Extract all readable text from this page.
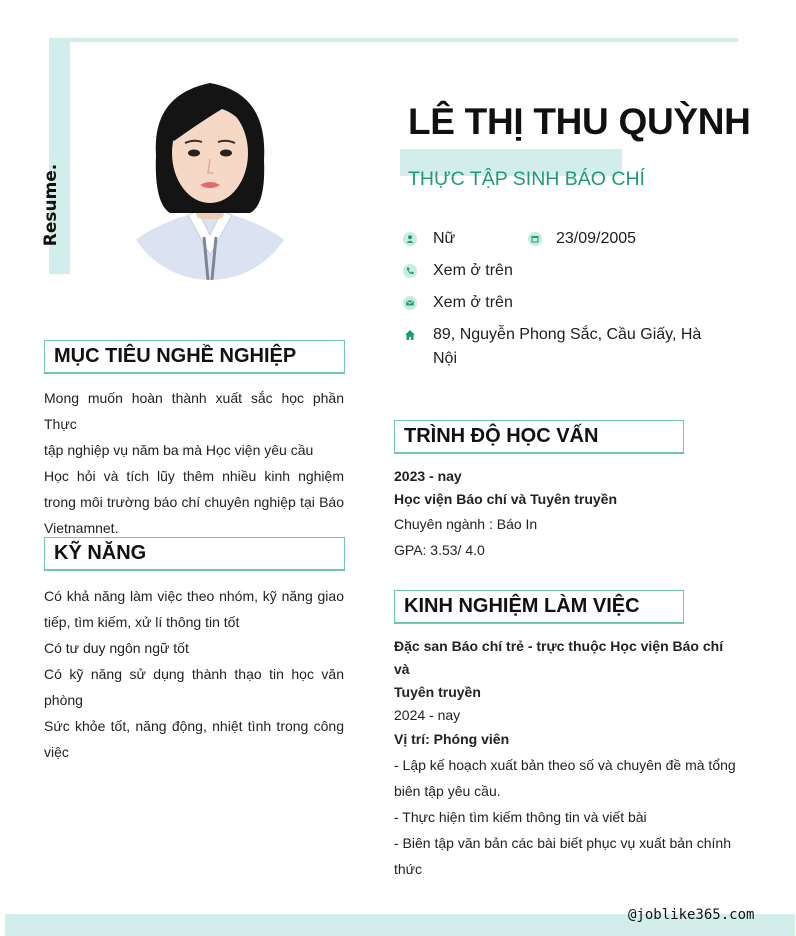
Resume.
LÊ THỊ THU QUỲNH
THỰC TẬP SINH BÁO CHÍ
Nữ	23/09/2005
Xem ở trên
Xem ở trên
89, Nguyễn Phong Sắc, Cầu Giấy, Hà
Nội
MỤC TIÊU NGHỀ NGHIỆP
Mong muốn hoàn thành xuất sắc học phần Thực
tập nghiệp vụ năm ba mà Học viện yêu cầu
Học hỏi và tích lũy thêm nhiều kinh nghiệm
trong môi trường báo chí chuyên nghiệp tại Báo
Vietnamnet.
KỸ NĂNG
Có khả năng làm việc theo nhóm, kỹ năng giao
tiếp, tìm kiếm, xử lí thông tin tốt
Có tư duy ngôn ngữ tốt
Có kỹ năng sử dụng thành thạo tin học văn
phòng
Sức khỏe tốt, năng động, nhiệt tình trong công
việc
TRÌNH ĐỘ HỌC VẤN
2023 - nay
Học viện Báo chí và Tuyên truyền
Chuyên ngành : Báo In
GPA: 3.53/ 4.0
KINH NGHIỆM LÀM VIỆC
Đặc san Báo chí trẻ - trực thuộc Học viện Báo chí và
Tuyên truyền
2024 - nay
Vị trí: Phóng viên
- Lập kế hoạch xuất bản theo số và chuyên đề mà tổng
biên tập yêu cầu.
- Thực hiện tìm kiếm thông tin và viết bài
- Biên tập văn bản các bài biết phục vụ xuất bản chính
thức
@joblike365.com
